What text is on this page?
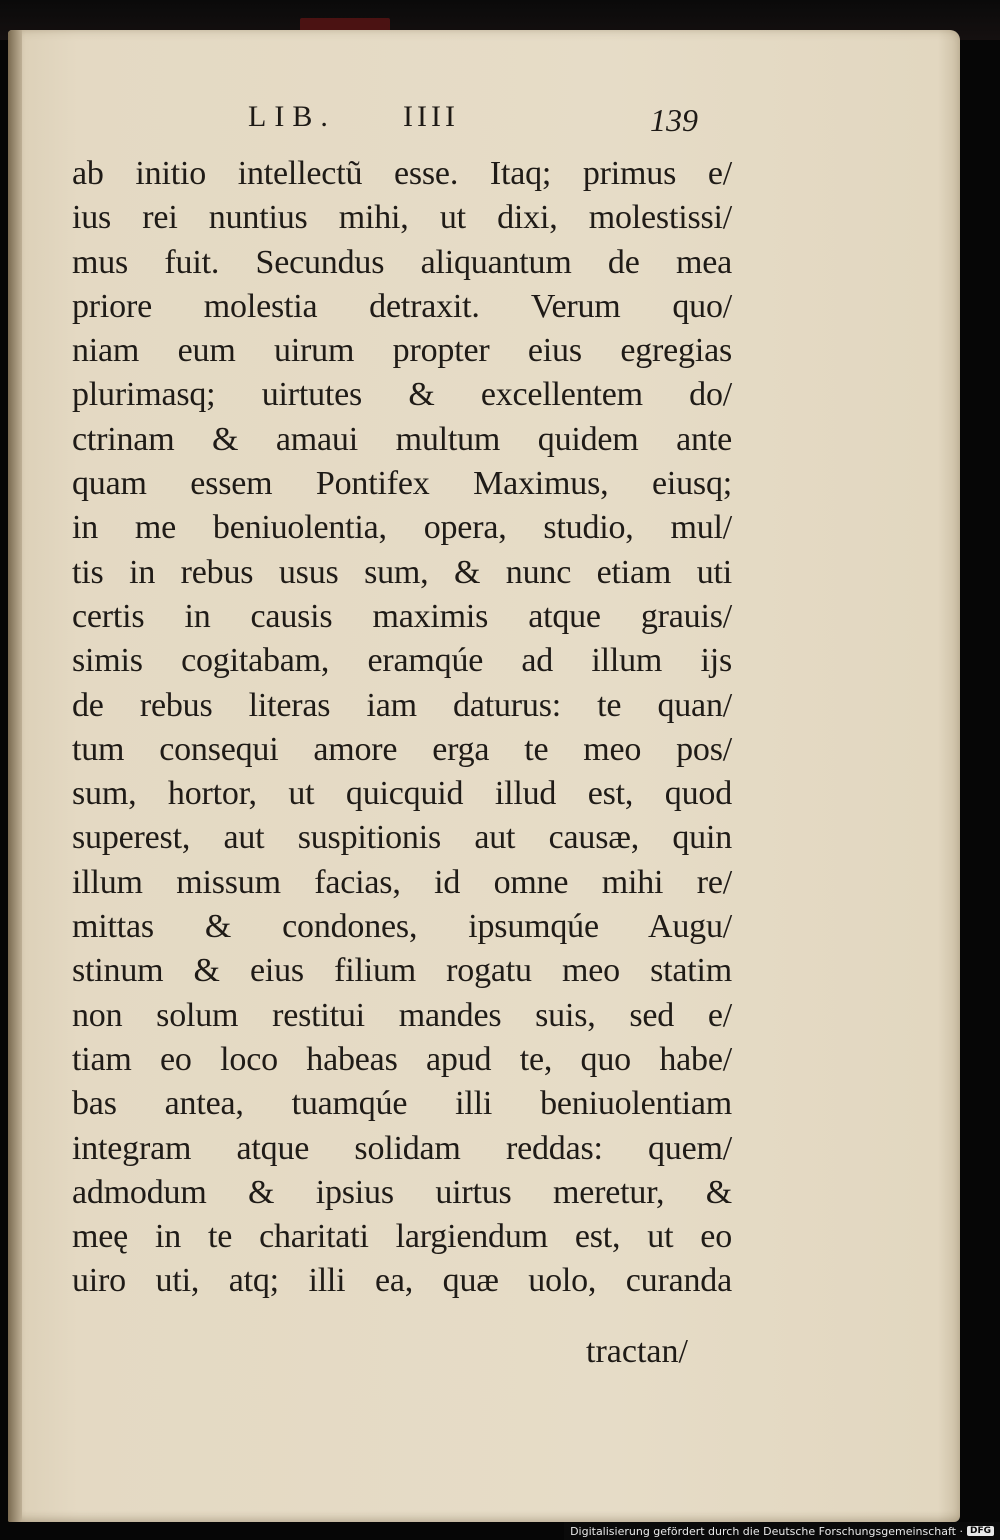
LIB. IIII	139
ab initio intellectũ esse. Itaq; primus e/
ius rei nuntius mihi, ut dixi, molestissi/
mus fuit. Secundus aliquantum de mea
priore molestia detraxit. Verum quo/
niam eum uirum propter eius egregias
plurimasq; uirtutes & excellentem do/
ctrinam & amaui multum quidem ante
quam essem Pontifex Maximus, eiusq;
in me beniuolentia, opera, studio, mul/
tis in rebus usus sum, & nunc etiam uti
certis in causis maximis atque grauis/
simis cogitabam, eramqúe ad illum ijs
de rebus literas iam daturus: te quan/
tum consequi amore erga te meo pos/
sum, hortor, ut quicquid illud est, quod
superest, aut suspitionis aut causæ, quin
illum missum facias, id omne mihi re/
mittas & condones, ipsumqúe Augu/
stinum & eius filium rogatu meo statim
non solum restitui mandes suis, sed e/
tiam eo loco habeas apud te, quo habe/
bas antea, tuamqúe illi beniuolentiam
integram atque solidam reddas: quem/
admodum & ipsius uirtus meretur, &
meę in te charitati largiendum est, ut eo
uiro uti, atq; illi ea, quæ uolo, curanda
tractan/
Digitalisierung gefördert durch die Deutsche Forschungsgemeinschaft · DFG
